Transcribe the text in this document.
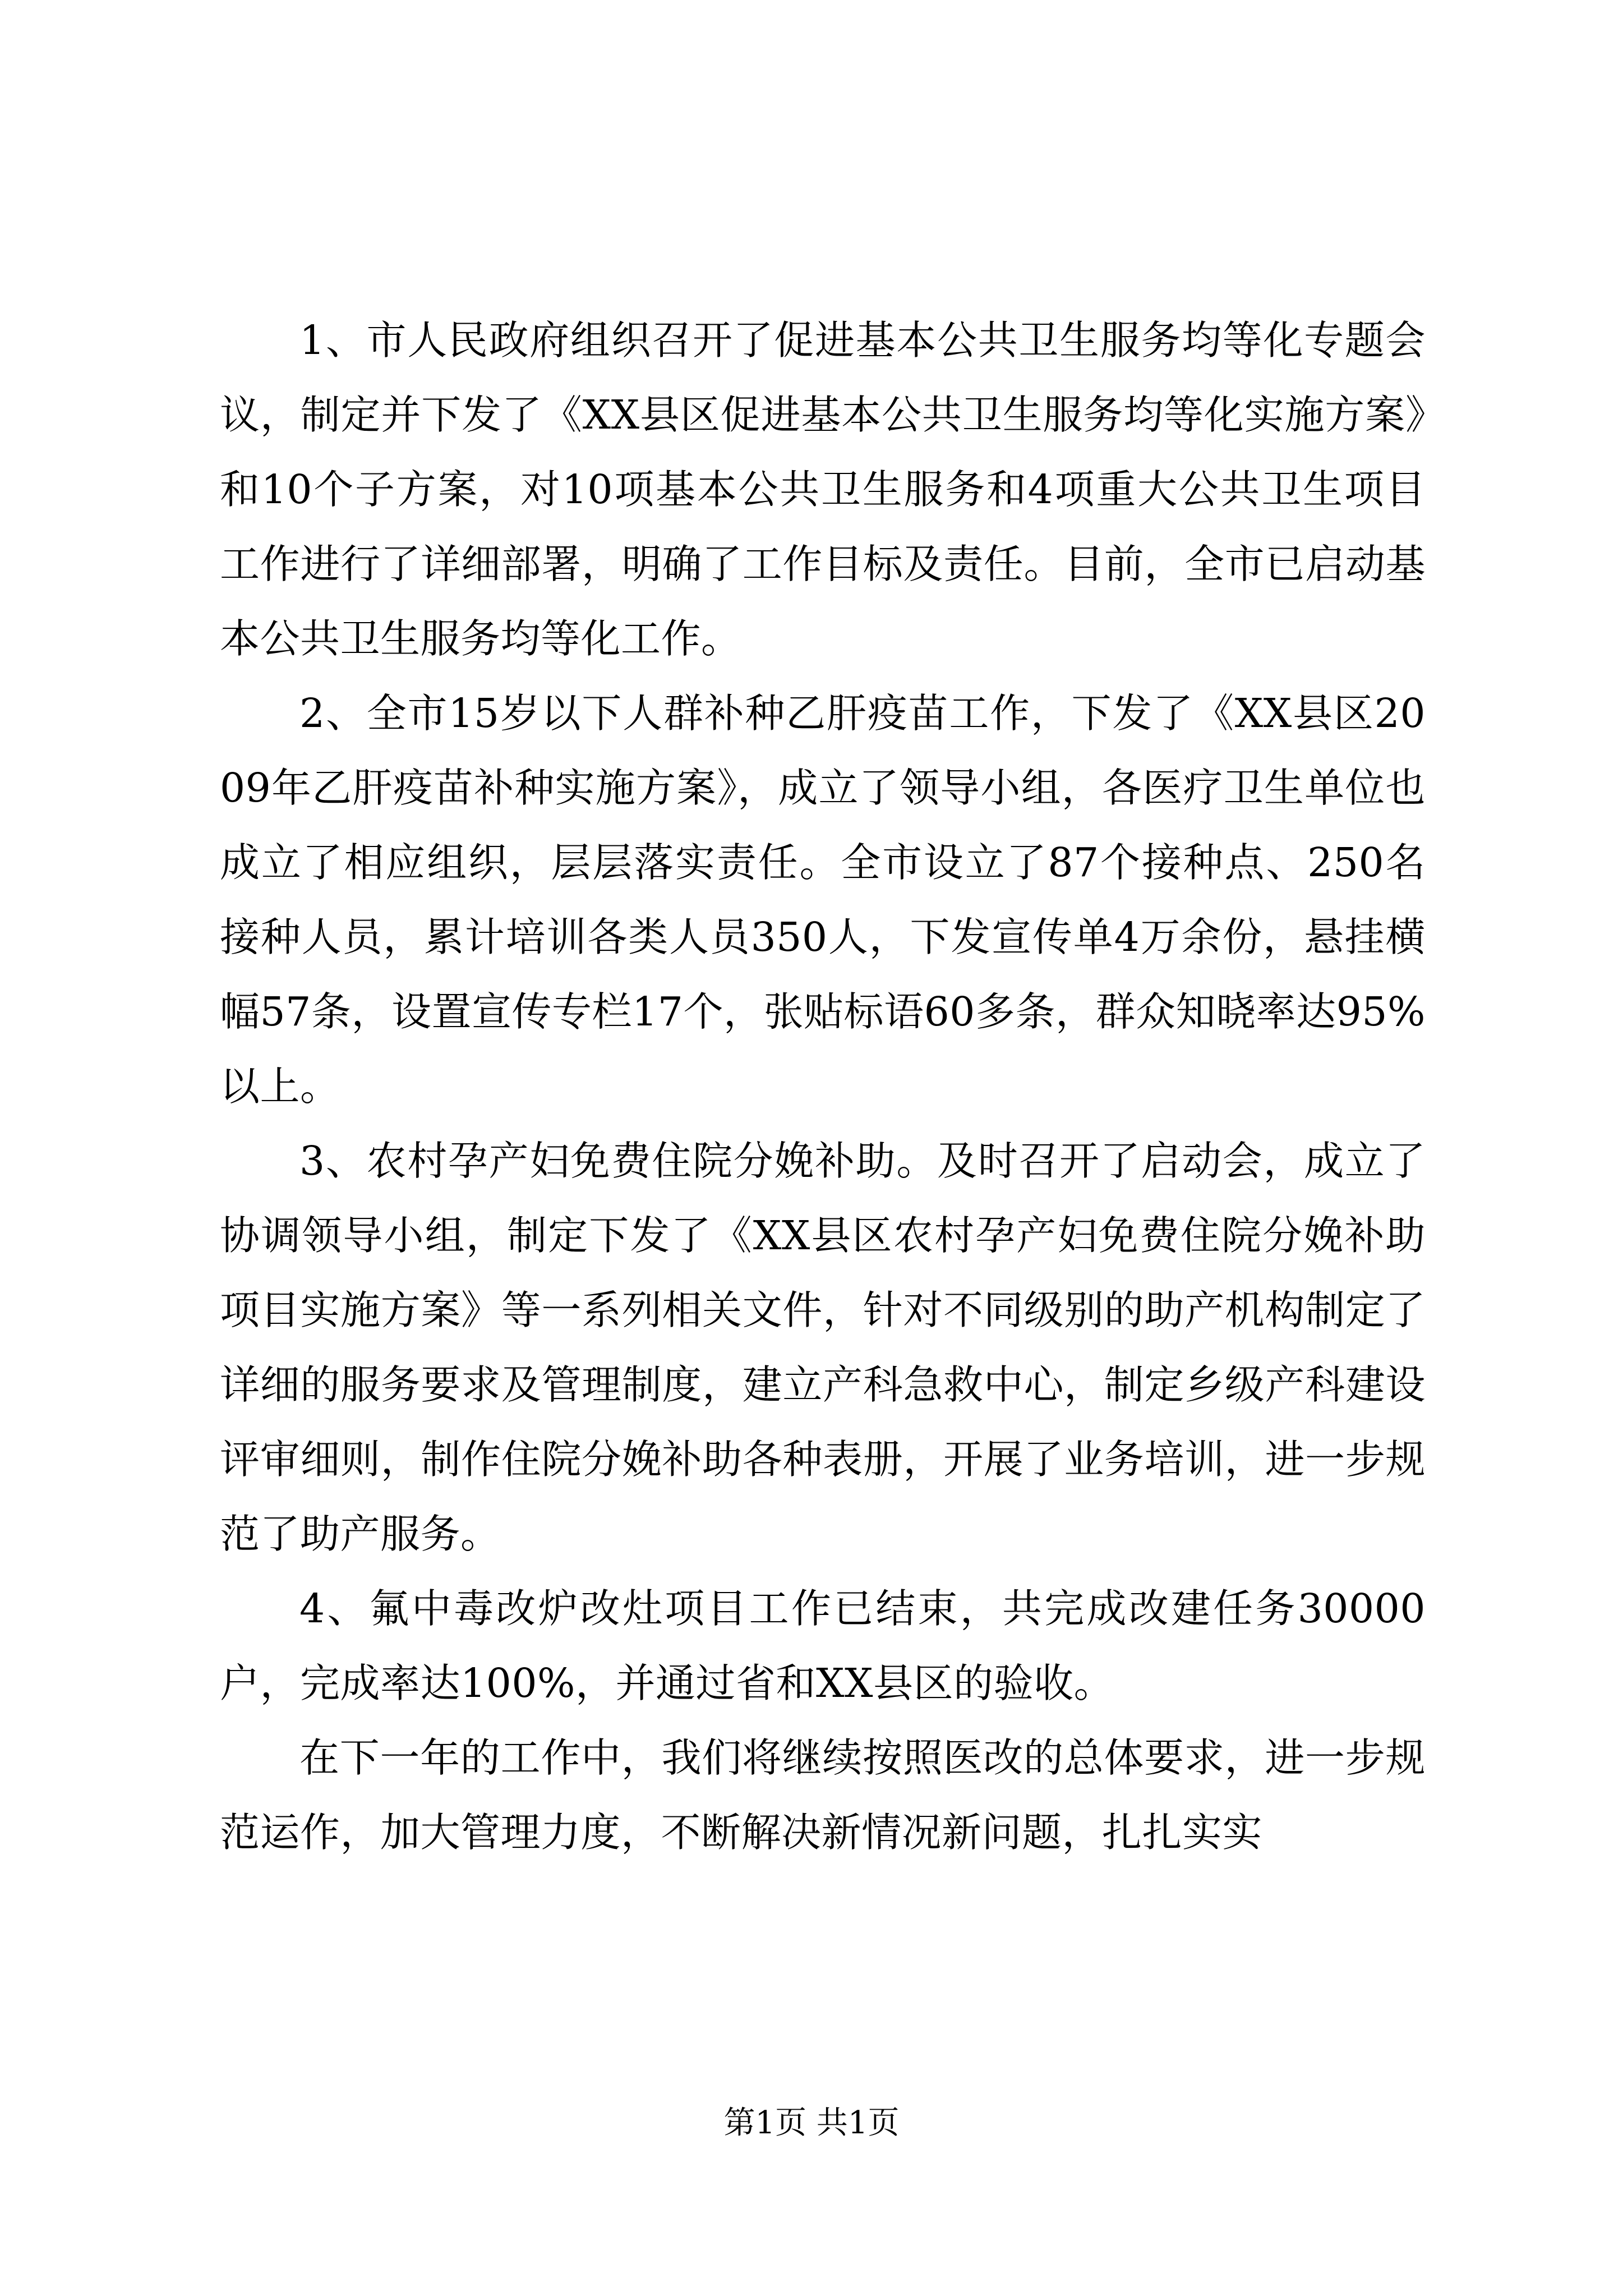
1、市人民政府组织召开了促进基本公共卫生服务均等化专题会议，制定并下发了《XX县区促进基本公共卫生服务均等化实施方案》和10个子方案，对10项基本公共卫生服务和4项重大公共卫生项目工作进行了详细部署，明确了工作目标及责任。目前，全市已启动基本公共卫生服务均等化工作。

2、全市15岁以下人群补种乙肝疫苗工作，下发了《XX县区2009年乙肝疫苗补种实施方案》，成立了领导小组，各医疗卫生单位也成立了相应组织，层层落实责任。全市设立了87个接种点、250名接种人员，累计培训各类人员350人，下发宣传单4万余份，悬挂横幅57条，设置宣传专栏17个，张贴标语60多条，群众知晓率达95%以上。

3、农村孕产妇免费住院分娩补助。及时召开了启动会，成立了协调领导小组，制定下发了《XX县区农村孕产妇免费住院分娩补助项目实施方案》等一系列相关文件，针对不同级别的助产机构制定了详细的服务要求及管理制度，建立产科急救中心，制定乡级产科建设评审细则，制作住院分娩补助各种表册，开展了业务培训，进一步规范了助产服务。

4、氟中毒改炉改灶项目工作已结束，共完成改建任务30000户，完成率达100%，并通过省和XX县区的验收。

在下一年的工作中，我们将继续按照医改的总体要求，进一步规范运作，加大管理力度，不断解决新情况新问题，扎扎实实

第1页 共1页
